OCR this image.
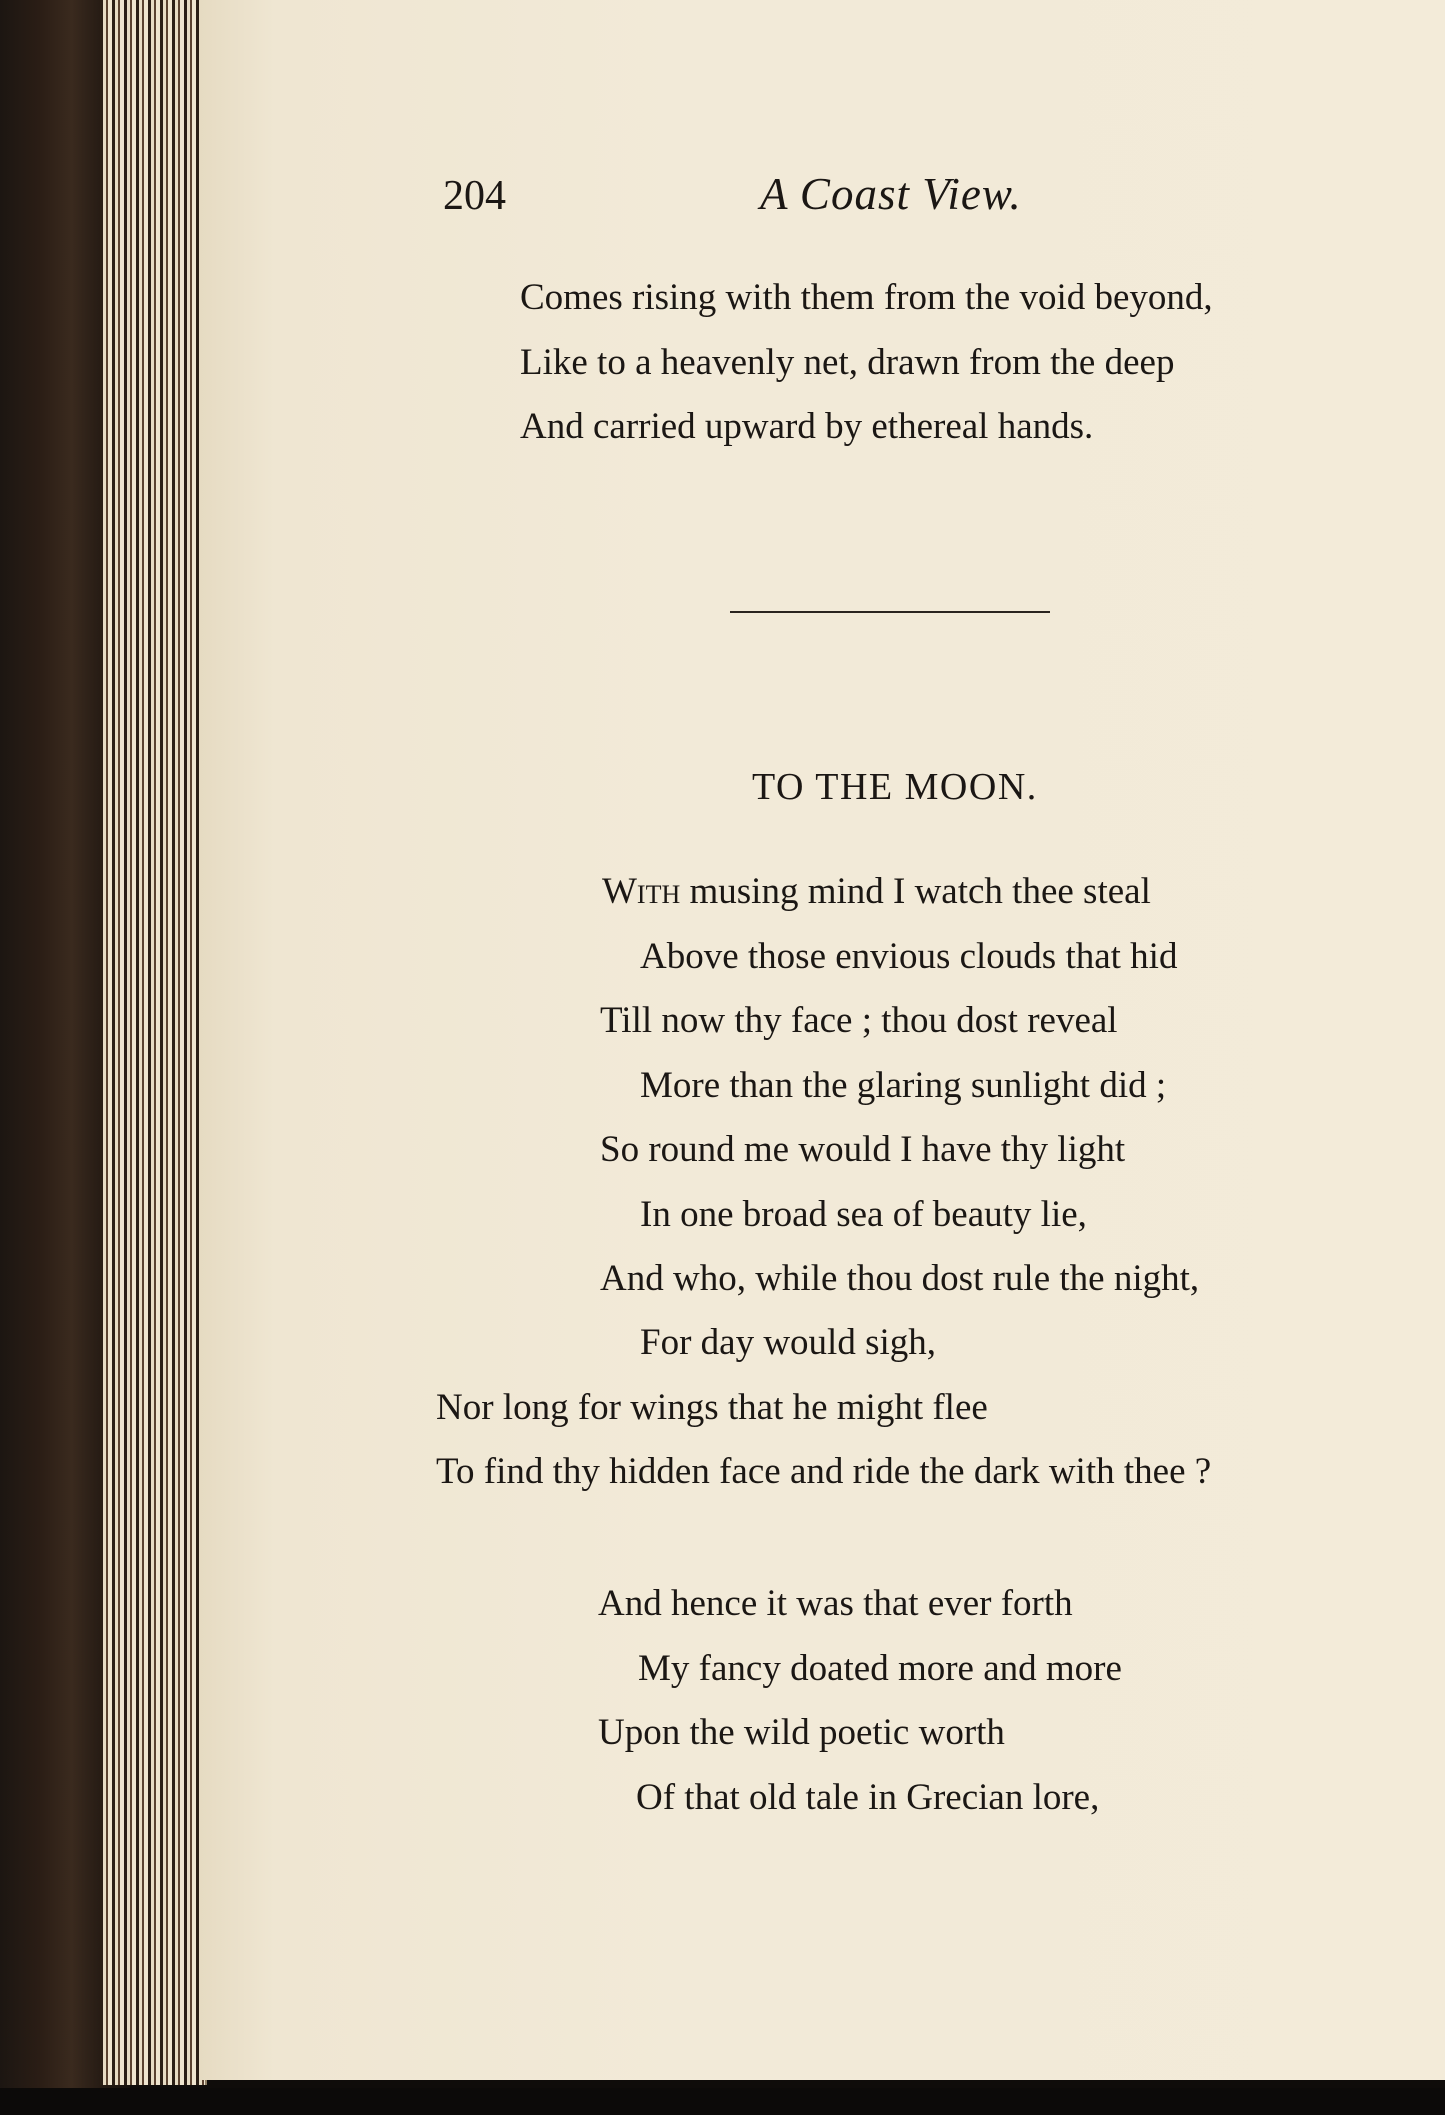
204	A Coast View.
Comes rising with them from the void beyond,
Like to a heavenly net, drawn from the deep
And carried upward by ethereal hands.
TO THE MOON.
With musing mind I watch thee steal
Above those envious clouds that hid
Till now thy face ; thou dost reveal
More than the glaring sunlight did ;
So round me would I have thy light
In one broad sea of beauty lie,
And who, while thou dost rule the night,
For day would sigh,
Nor long for wings that he might flee
To find thy hidden face and ride the dark with thee ?
And hence it was that ever forth
My fancy doated more and more
Upon the wild poetic worth
Of that old tale in Grecian lore,
